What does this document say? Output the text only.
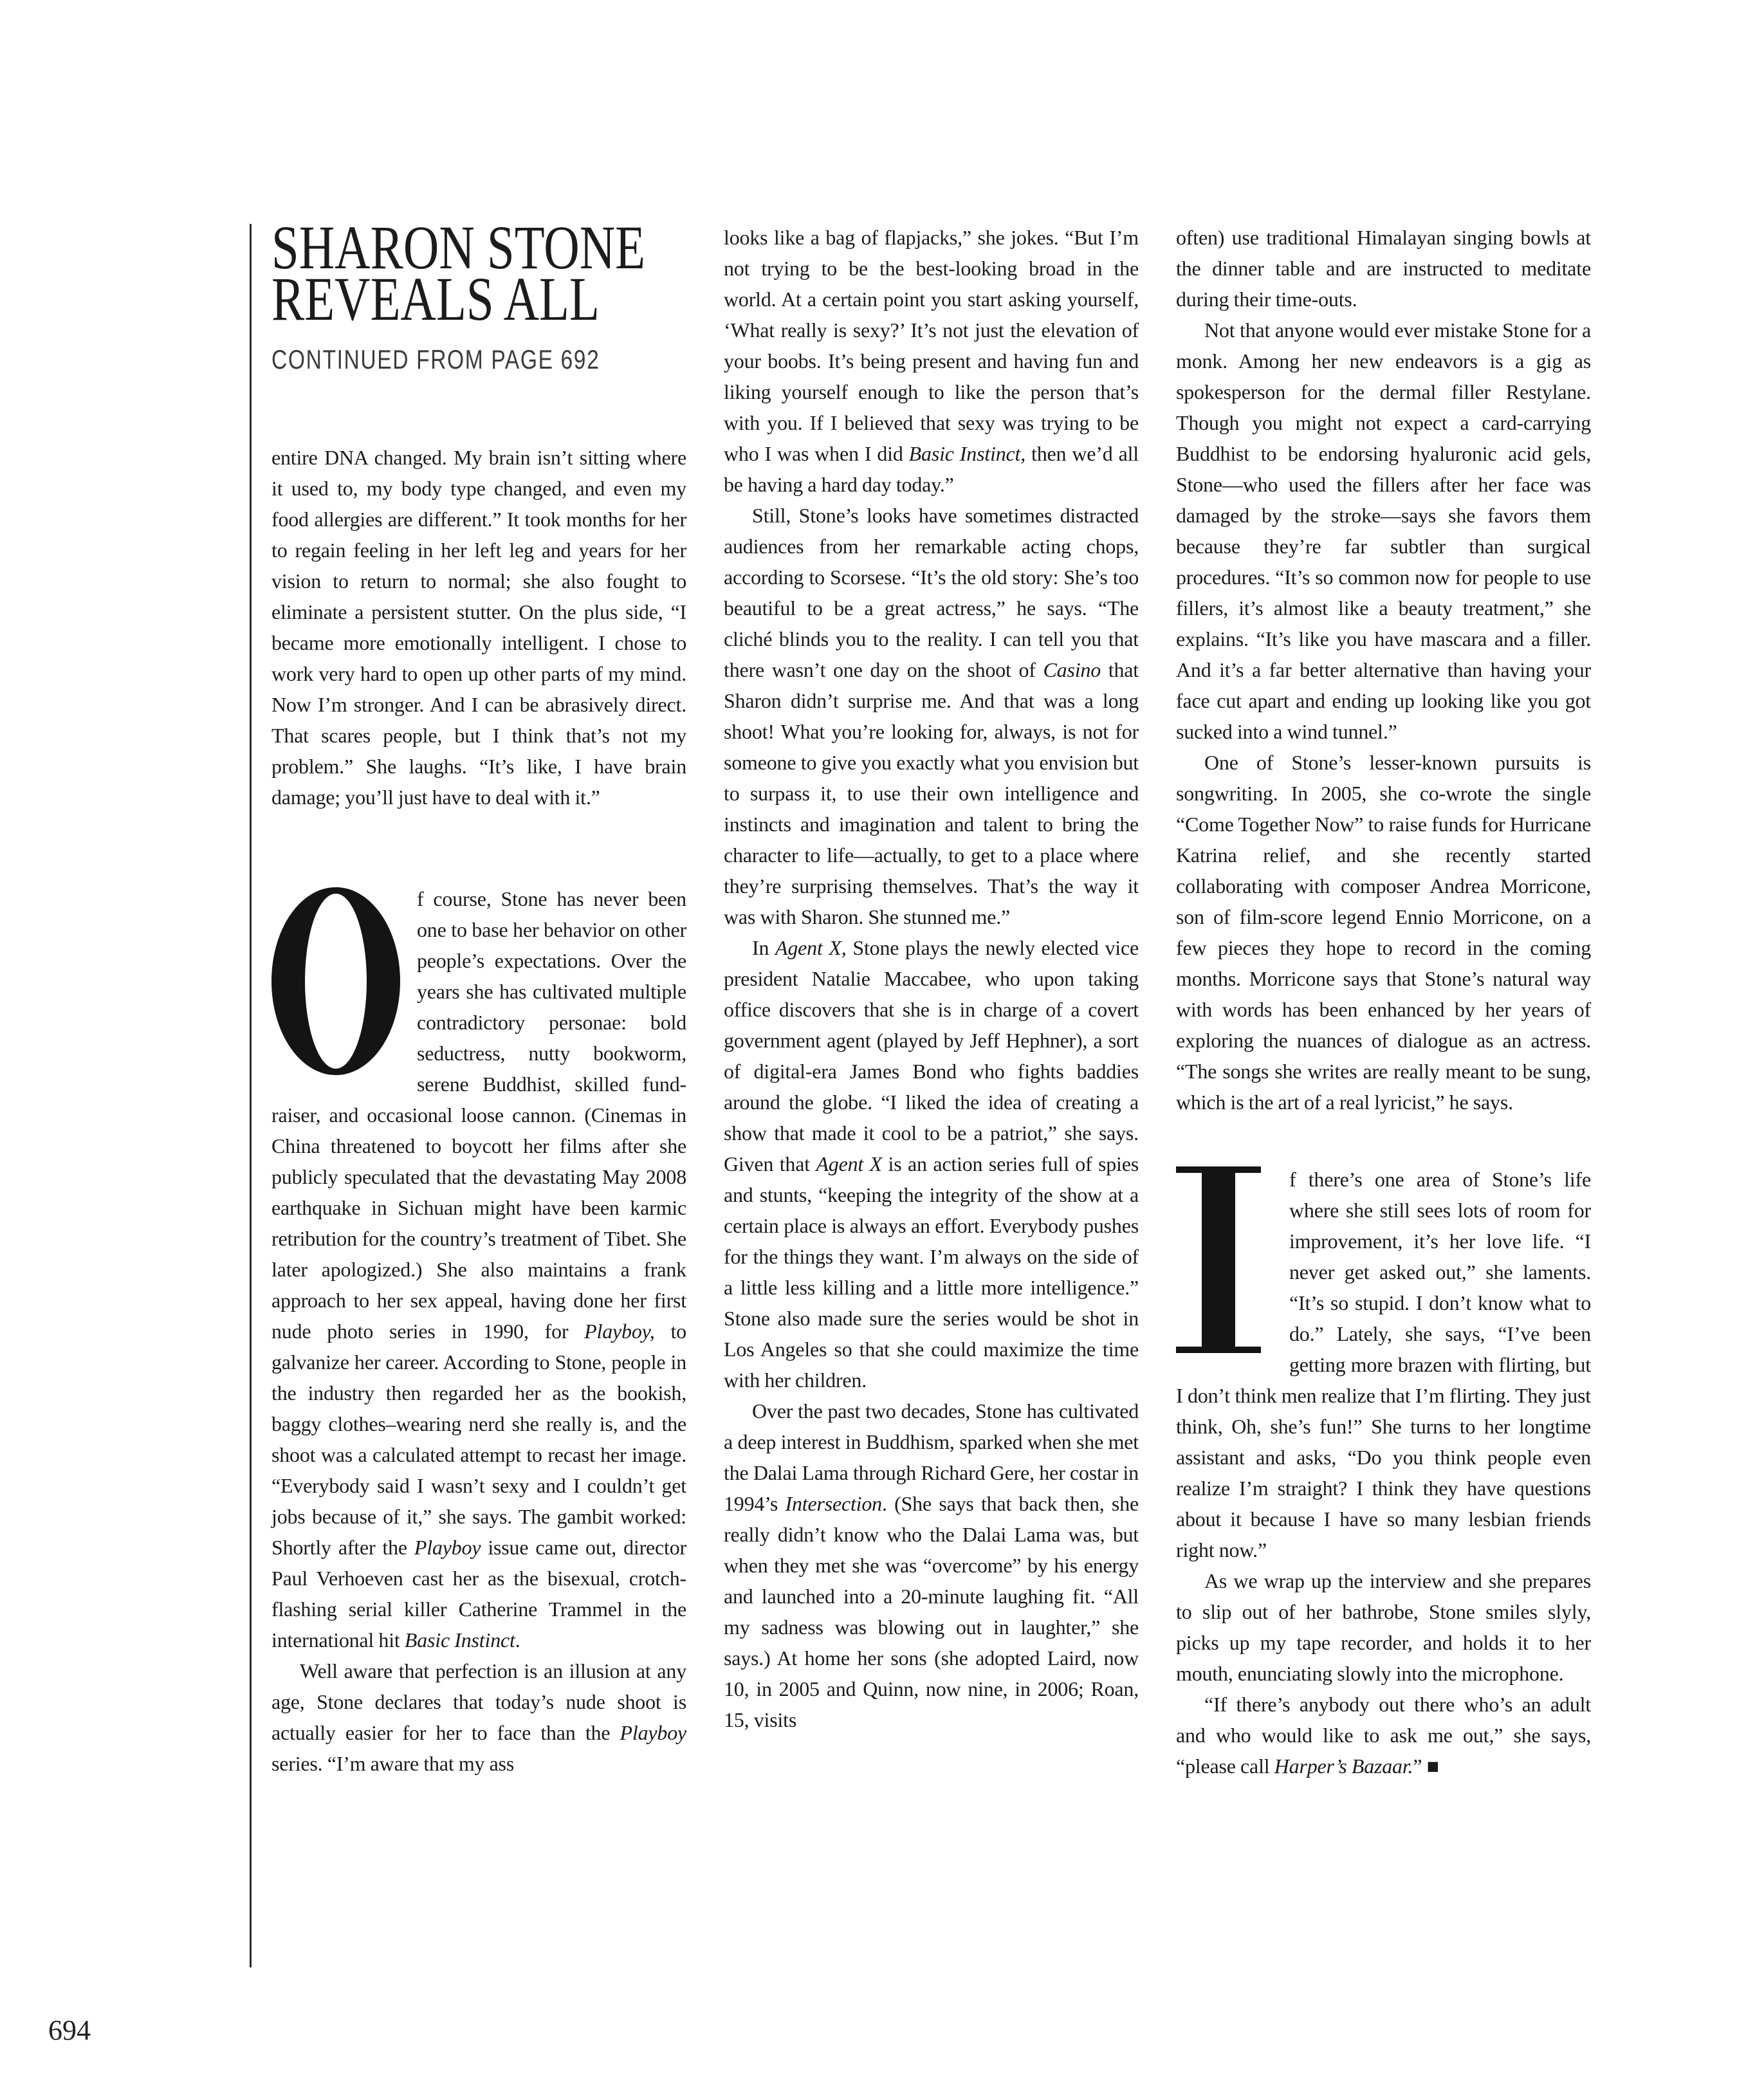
SHARON STONE
REVEALS ALL
CONTINUED FROM PAGE 692

entire DNA changed. My brain isn’t sitting where it used to, my body type changed, and even my food allergies are different.” It took months for her to regain feeling in her left leg and years for her vision to return to normal; she also fought to eliminate a persistent stutter. On the plus side, “I became more emotionally intelligent. I chose to work very hard to open up other parts of my mind. Now I’m stronger. And I can be abrasively direct. That scares people, but I think that’s not my problem.” She laughs. “It’s like, I have brain damage; you’ll just have to deal with it.”

f course, Stone has never been one to base her behavior on other people’s expectations. Over the years she has cultivated multiple contradictory personae: bold seductress, nutty bookworm, serene Buddhist, skilled fund-raiser, and occasional loose cannon. (Cinemas in China threatened to boycott her films after she publicly speculated that the devastating May 2008 earthquake in Sichuan might have been karmic retribution for the country’s treatment of Tibet. She later apologized.) She also maintains a frank approach to her sex appeal, having done her first nude photo series in 1990, for Playboy, to galvanize her career. According to Stone, people in the industry then regarded her as the bookish, baggy clothes–wearing nerd she really is, and the shoot was a calculated attempt to recast her image. “Everybody said I wasn’t sexy and I couldn’t get jobs because of it,” she says. The gambit worked: Shortly after the Playboy issue came out, director Paul Verhoeven cast her as the bisexual, crotch-flashing serial killer Catherine Trammel in the international hit Basic Instinct.

Well aware that perfection is an illusion at any age, Stone declares that today’s nude shoot is actually easier for her to face than the Playboy series. “I’m aware that my ass

looks like a bag of flapjacks,” she jokes. “But I’m not trying to be the best-looking broad in the world. At a certain point you start asking yourself, ‘What really is sexy?’ It’s not just the elevation of your boobs. It’s being present and having fun and liking yourself enough to like the person that’s with you. If I believed that sexy was trying to be who I was when I did Basic Instinct, then we’d all be having a hard day today.”

Still, Stone’s looks have sometimes distracted audiences from her remarkable acting chops, according to Scorsese. “It’s the old story: She’s too beautiful to be a great actress,” he says. “The cliché blinds you to the reality. I can tell you that there wasn’t one day on the shoot of Casino that Sharon didn’t surprise me. And that was a long shoot! What you’re looking for, always, is not for someone to give you exactly what you envision but to surpass it, to use their own intelligence and instincts and imagination and talent to bring the character to life—actually, to get to a place where they’re surprising themselves. That’s the way it was with Sharon. She stunned me.”

In Agent X, Stone plays the newly elected vice president Natalie Maccabee, who upon taking office discovers that she is in charge of a covert government agent (played by Jeff Hephner), a sort of digital-era James Bond who fights baddies around the globe. “I liked the idea of creating a show that made it cool to be a patriot,” she says. Given that Agent X is an action series full of spies and stunts, “keeping the integrity of the show at a certain place is always an effort. Everybody pushes for the things they want. I’m always on the side of a little less killing and a little more intelligence.” Stone also made sure the series would be shot in Los Angeles so that she could maximize the time with her children.

Over the past two decades, Stone has cultivated a deep interest in Buddhism, sparked when she met the Dalai Lama through Richard Gere, her costar in 1994’s Intersection. (She says that back then, she really didn’t know who the Dalai Lama was, but when they met she was “overcome” by his energy and launched into a 20-minute laughing fit. “All my sadness was blowing out in laughter,” she says.) At home her sons (she adopted Laird, now 10, in 2005 and Quinn, now nine, in 2006; Roan, 15, visits

often) use traditional Himalayan singing bowls at the dinner table and are instructed to meditate during their time-outs.

Not that anyone would ever mistake Stone for a monk. Among her new endeavors is a gig as spokesperson for the dermal filler Restylane. Though you might not expect a card-carrying Buddhist to be endorsing hyaluronic acid gels, Stone—who used the fillers after her face was damaged by the stroke—says she favors them because they’re far subtler than surgical procedures. “It’s so common now for people to use fillers, it’s almost like a beauty treatment,” she explains. “It’s like you have mascara and a filler. And it’s a far better alternative than having your face cut apart and ending up looking like you got sucked into a wind tunnel.”

One of Stone’s lesser-known pursuits is songwriting. In 2005, she co-wrote the single “Come Together Now” to raise funds for Hurricane Katrina relief, and she recently started collaborating with composer Andrea Morricone, son of film-score legend Ennio Morricone, on a few pieces they hope to record in the coming months. Morricone says that Stone’s natural way with words has been enhanced by her years of exploring the nuances of dialogue as an actress. “The songs she writes are really meant to be sung, which is the art of a real lyricist,” he says.

f there’s one area of Stone’s life where she still sees lots of room for improvement, it’s her love life. “I never get asked out,” she laments. “It’s so stupid. I don’t know what to do.” Lately, she says, “I’ve been getting more brazen with flirting, but I don’t think men realize that I’m flirting. They just think, Oh, she’s fun!” She turns to her longtime assistant and asks, “Do you think people even realize I’m straight? I think they have questions about it because I have so many lesbian friends right now.”

As we wrap up the interview and she prepares to slip out of her bathrobe, Stone smiles slyly, picks up my tape recorder, and holds it to her mouth, enunciating slowly into the microphone.

“If there’s anybody out there who’s an adult and who would like to ask me out,” she says, “please call Harper’s Bazaar.” ■

694
